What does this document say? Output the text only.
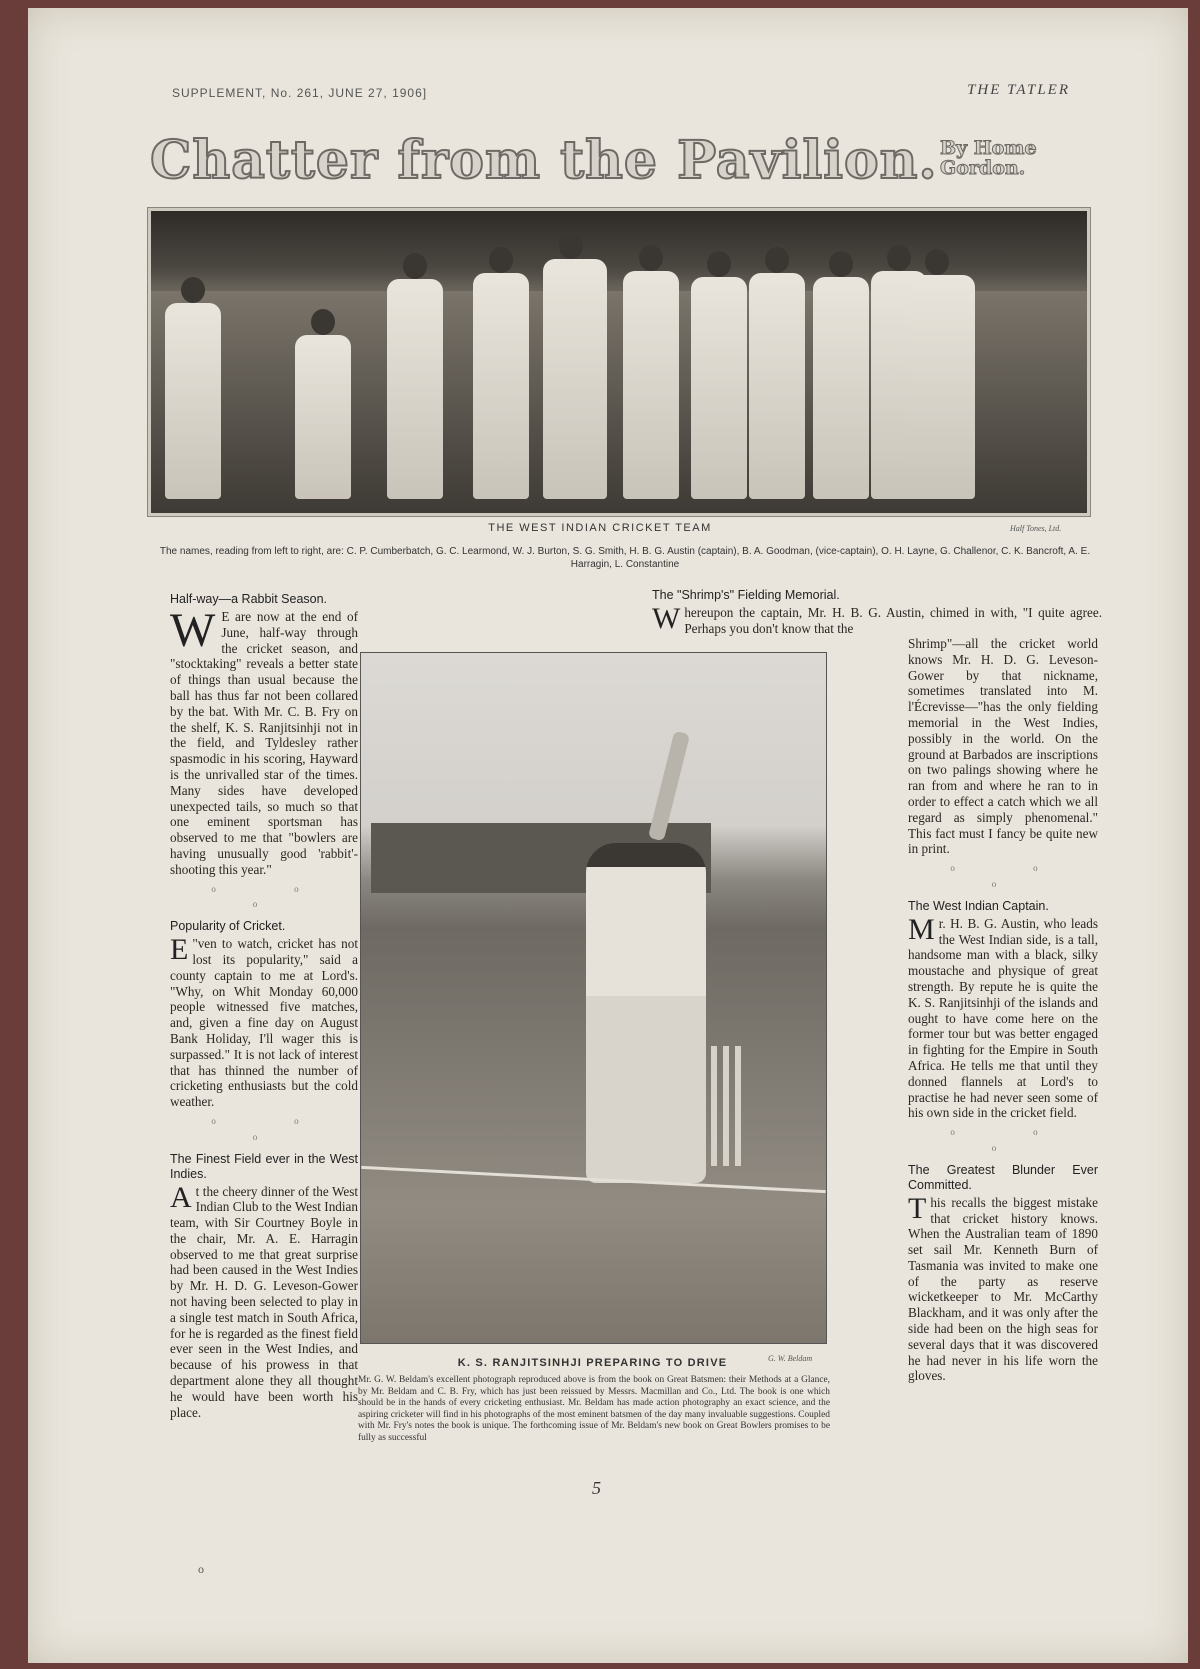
SUPPLEMENT, No. 261, JUNE 27, 1906]	THE TATLER
Chatter from the Pavilion. By Home Gordon.
THE WEST INDIAN CRICKET TEAM	Half Tones, Ltd.
The names, reading from left to right, are: C. P. Cumberbatch, G. C. Learmond, W. J. Burton, S. G. Smith, H. B. G. Austin (captain), B. A. Goodman, (vice-captain), O. H. Layne, G. Challenor, C. K. Bancroft, A. E. Harragin, L. Constantine
Half-way—a Rabbit Season.

W E are now at the end of June, half-way through the cricket season, and "stocktaking" reveals a better state of things than usual because the ball has thus far not been collared by the bat. With Mr. C. B. Fry on the shelf, K. S. Ranjitsinhji not in the field, and Tyldesley rather spasmodic in his scoring, Hayward is the unrivalled star of the times. Many sides have developed unexpected tails, so much so that one eminent sportsman has observed to me that "bowlers are having unusually good 'rabbit'-shooting this year."

o o o
Popularity of Cricket.

E "ven to watch, cricket has not lost its popularity," said a county captain to me at Lord's. "Why, on Whit Monday 60,000 people witnessed five matches, and, given a fine day on August Bank Holiday, I'll wager this is surpassed." It is not lack of interest that has thinned the number of cricketing enthusiasts but the cold weather.

o o o
The Finest Field ever in the West Indies.

At the cheery dinner of the West Indian Club to the West Indian team, with Sir Courtney Boyle in the chair, Mr. A. E. Harragin observed to me that great surprise had been caused in the West Indies by Mr. H. D. G. Leveson-Gower not having been selected to play in a single test match in South Africa, for he is regarded as the finest field ever seen in the West Indies, and because of his prowess in that department alone they all thought he would have been worth his place.

The "Shrimp's" Fielding Memorial.

Whereupon the captain, Mr. H. B. G. Austin, chimed in with, "I quite agree. Perhaps you don't know that the

K. S. RANJITSINHJI PREPARING TO DRIVE	G. W. Beldam
Mr. G. W. Beldam's excellent photograph reproduced above is from the book on Great Batsmen: their Methods at a Glance, by Mr. Beldam and C. B. Fry, which has just been reissued by Messrs. Macmillan and Co., Ltd. The book is one which should be in the hands of every cricketing enthusiast. Mr. Beldam has made action photography an exact science, and the aspiring cricketer will find in his photographs of the most eminent batsmen of the day many invaluable suggestions. Coupled with Mr. Fry's notes the book is unique. The forthcoming issue of Mr. Beldam's new book on Great Bowlers promises to be fully as successful

Shrimp"—all the cricket world knows Mr. H. D. G. Leveson-Gower by that nickname, sometimes translated into M. l'Écrevisse—"has the only fielding memorial in the West Indies, possibly in the world. On the ground at Barbados are inscriptions on two palings showing where he ran from and where he ran to in order to effect a catch which we all regard as simply phenomenal." This fact must I fancy be quite new in print.

o o o
The West Indian Captain.

Mr. H. B. G. Austin, who leads the West Indian side, is a tall, handsome man with a black, silky moustache and physique of great strength. By repute he is quite the K. S. Ranjitsinhji of the islands and ought to have come here on the former tour but was better engaged in fighting for the Empire in South Africa. He tells me that until they donned flannels at Lord's to practise he had never seen some of his own side in the cricket field.

o o o
The Greatest Blunder Ever Committed.

This recalls the biggest mistake that cricket history knows. When the Australian team of 1890 set sail Mr. Kenneth Burn of Tasmania was invited to make one of the party as reserve wicketkeeper to Mr. McCarthy Blackham, and it was only after the side had been on the high seas for several days that it was discovered he had never in his life worn the gloves.

5
o
